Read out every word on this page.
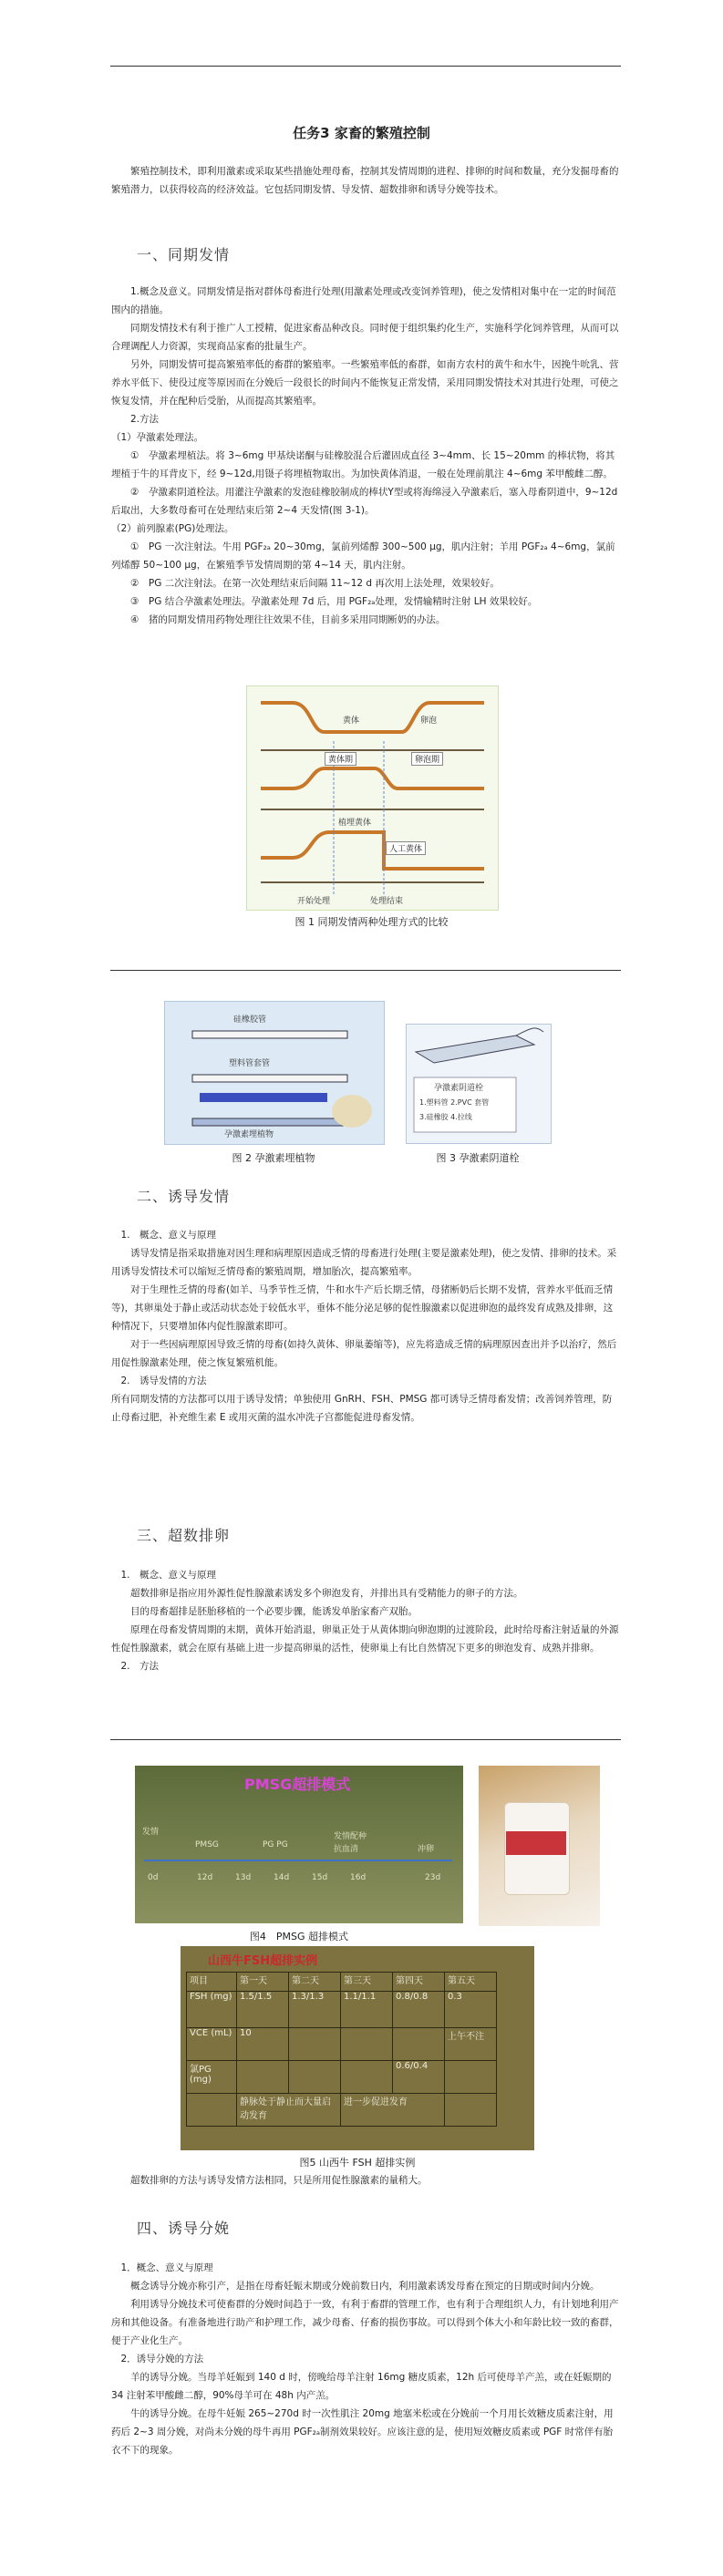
任务3 家畜的繁殖控制

繁殖控制技术，即利用激素或采取某些措施处理母畜，控制其发情周期的进程、排卵的时间和数量，充分发掘母畜的繁殖潜力，以获得较高的经济效益。它包括同期发情、导发情、超数排卵和诱导分娩等技术。

一、同期发情

1.概念及意义。同期发情是指对群体母畜进行处理(用激素处理或改变饲养管理)，使之发情相对集中在一定的时间范围内的措施。

同期发情技术有利于推广人工授精，促进家畜品种改良。同时便于组织集约化生产，实施科学化饲养管理，从而可以合理调配人力资源，实现商品家畜的批量生产。

另外，同期发情可提高繁殖率低的畜群的繁殖率。一些繁殖率低的畜群，如南方农村的黄牛和水牛，因挽牛吮乳、营养水平低下、使役过度等原因而在分娩后一段很长的时间内不能恢复正常发情，采用同期发情技术对其进行处理，可使之恢复发情，并在配种后受胎，从而提高其繁殖率。

2.方法

（1）孕激素处理法。

①　孕激素埋植法。将 3~6mg 甲基炔诺酮与硅橡胶混合后灌固成直径 3~4mm、长 15~20mm 的棒状物，将其埋植于牛的耳背皮下，经 9~12d,用镊子将埋植物取出。为加快黄体消退，一般在处理前肌注 4~6mg 苯甲酸雌二醇。

②　孕激素阴道栓法。用灌注孕激素的发泡硅橡胶制成的棒状Y型或将海绵浸入孕激素后，塞入母畜阴道中，9~12d 后取出，大多数母畜可在处理结束后第 2~4 天发情(图 3-1)。

（2）前列腺素(PG)处理法。

①　PG 一次注射法。牛用 PGF₂ₐ 20~30mg，氯前列烯醇 300~500 μg，肌内注射；羊用 PGF₂ₐ 4~6mg，氯前列烯醇 50~100 μg，在繁殖季节发情周期的第 4~14 天，肌内注射。

②　PG 二次注射法。在第一次处理结束后间隔 11~12 d 再次用上法处理，效果较好。

③　PG 结合孕激素处理法。孕激素处理 7d 后，用 PGF₂ₐ处理，发情输精时注射 LH 效果较好。

④　猪的同期发情用药物处理往往效果不佳，目前多采用同期断奶的办法。

黄体	卵泡
黄体期	卵泡期
植埋黄体
人工黄体
开始处理	处理结束
图 1 同期发情两种处理方式的比较
硅橡胶管
塑料管套管
孕激素埋植物
图 2 孕激素埋植物
孕激素阴道栓
1.塑料管 2.PVC 套管
3.硅橡胶 4.拉线
图 3 孕激素阴道栓
二、诱导发情

1.　概念、意义与原理

诱导发情是指采取措施对因生理和病理原因造成乏情的母畜进行处理(主要是激素处理)，使之发情、排卵的技术。采用诱导发情技术可以缩短乏情母畜的繁殖周期，增加胎次，提高繁殖率。

对于生理性乏情的母畜(如羊、马季节性乏情，牛和水牛产后长期乏情，母猪断奶后长期不发情，营养水平低而乏情等)，其卵巢处于静止或活动状态处于较低水平，垂体不能分泌足够的促性腺激素以促进卵泡的最终发育成熟及排卵，这种情况下，只要增加体内促性腺激素即可。

对于一些因病理原因导致乏情的母畜(如持久黄体、卵巢萎缩等)，应先将造成乏情的病理原因查出并予以治疗，然后用促性腺激素处理，使之恢复繁殖机能。

2.　诱导发情的方法

所有同期发情的方法都可以用于诱导发情；单独使用 GnRH、FSH、PMSG 都可诱导乏情母畜发情；改善饲养管理，防止母畜过肥，补充维生素 E 或用灭菌的温水冲洗子宫都能促进母畜发情。

三、超数排卵

1.　概念、意义与原理

超数排卵是指应用外源性促性腺激素诱发多个卵泡发育，并排出具有受精能力的卵子的方法。

目的母畜超排是胚胎移植的一个必要步骤，能诱发单胎家畜产双胎。

原理在母畜发情周期的末期，黄体开始消退，卵巢正处于从黄体期向卵泡期的过渡阶段，此时给母畜注射适量的外源性促性腺激素，就会在原有基础上进一步提高卵巢的活性，使卵巢上有比自然情况下更多的卵泡发育、成熟并排卵。

2.　方法

PMSG超排模式
发情
PMSG	PG PG
发情配种
抗血清	冲卵
0d	12d	13d	14d	15d	16d	23d
图4　PMSG 超排模式
山西牛FSH超排实例
项目	第一天	第二天	第三天	第四天	第五天
FSH (mg)	1.5/1.5	1.3/1.3	1.1/1.1	0.8/0.8	0.3
VCE (mL)	10				上午不注
氯PG (mg)				0.6/0.4	
	静脉处于静止而大量启动发育		进一步促进发育		
图5 山西牛 FSH 超排实例

超数排卵的方法与诱导发情方法相同，只是所用促性腺激素的量稍大。

四、诱导分娩

1．概念、意义与原理

概念诱导分娩亦称引产，是指在母畜妊娠末期或分娩前数日内，利用激素诱发母畜在预定的日期或时间内分娩。

利用诱导分娩技术可使畜群的分娩时间趋于一致，有利于畜群的管理工作，也有利于合理组织人力，有计划地利用产房和其他设备。有准备地进行助产和护理工作，减少母畜、仔畜的损伤事故。可以得到个体大小和年龄比较一致的畜群，便于产业化生产。

2．诱导分娩的方法

羊的诱导分娩。当母羊妊娠到 140 d 时，傍晚给母羊注射 16mg 糖皮质素，12h 后可使母羊产羔，或在妊娠期的 34 注射苯甲酸雌二醇，90%母羊可在 48h 内产羔。

牛的诱导分娩。在母牛妊娠 265~270d 时一次性肌注 20mg 地塞米松或在分娩前一个月用长效糖皮质素注射，用药后 2~3 周分娩，对尚未分娩的母牛再用 PGF₂ₐ制剂效果较好。应该注意的是，使用短效糖皮质素或 PGF 时常伴有胎衣不下的现象。
